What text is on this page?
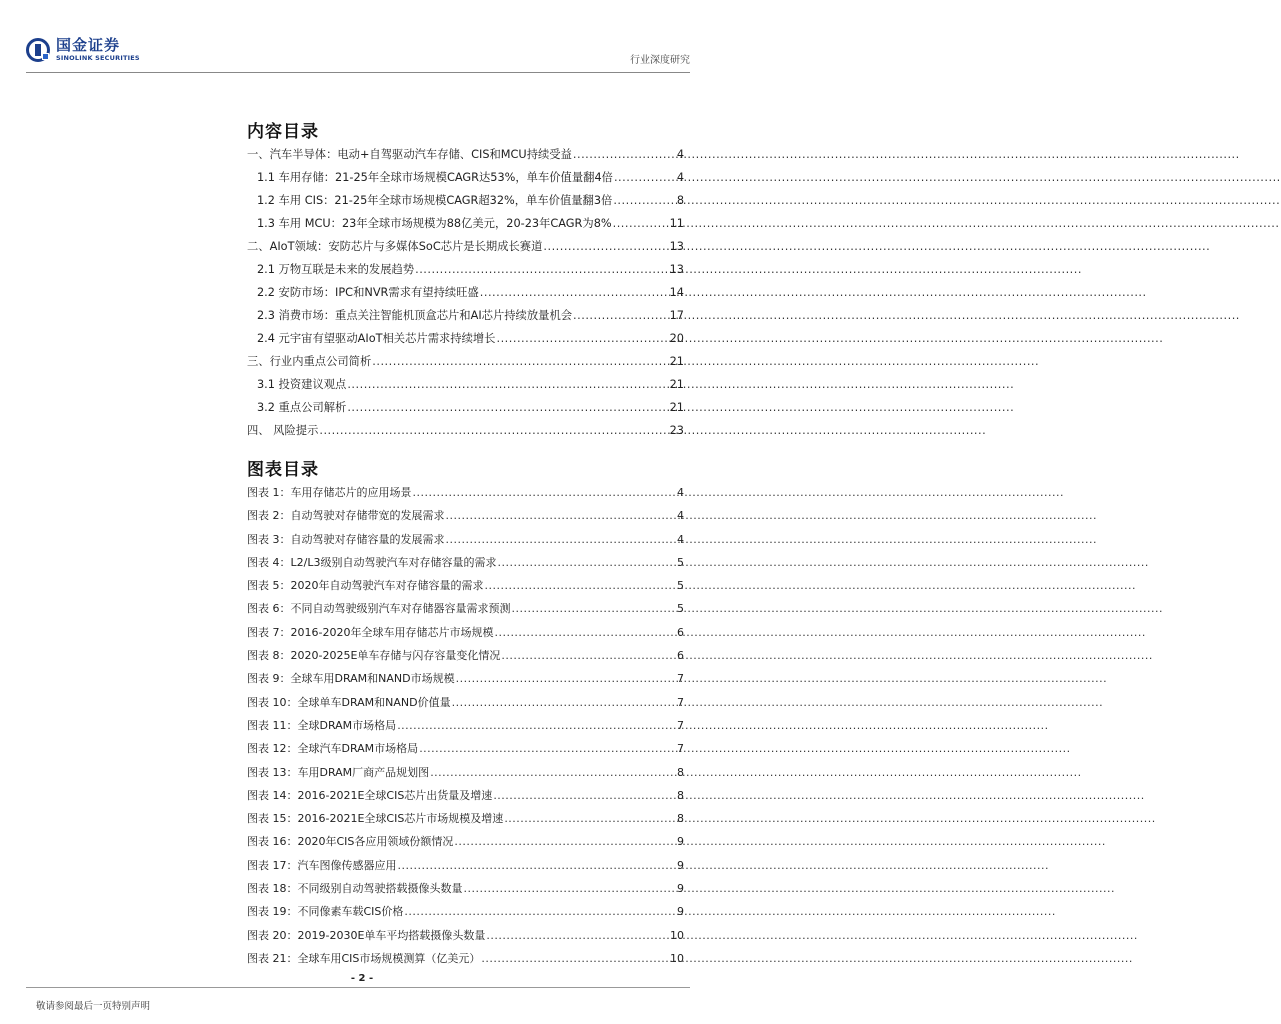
国金证券
SINOLINK SECURITIES	行业深度研究
内容目录
一、汽车半导体：电动+自驾驱动汽车存储、CIS和MCU持续受益 .....	4
1.1 车用存储：21-25年全球市场规模CAGR达53%，单车价值量翻4倍 .....	4
1.2 车用 CIS：21-25年全球市场规模CAGR超32%，单车价值量翻3倍 .....	8
1.3 车用 MCU：23年全球市场规模为88亿美元，20-23年CAGR为8% .....	11
二、AIoT领域：安防芯片与多媒体SoC芯片是长期成长赛道 .....	13
2.1 万物互联是未来的发展趋势 .....	13
2.2 安防市场：IPC和NVR需求有望持续旺盛 .....	14
2.3 消费市场：重点关注智能机顶盒芯片和AI芯片持续放量机会 .....	17
2.4 元宇宙有望驱动AIoT相关芯片需求持续增长 .....	20
三、行业内重点公司简析 .....	21
3.1 投资建议观点 .....	21
3.2 重点公司解析 .....	21
四、 风险提示 .....	23
图表目录
图表 1：车用存储芯片的应用场景 .....	4
图表 2：自动驾驶对存储带宽的发展需求 .....	4
图表 3：自动驾驶对存储容量的发展需求 .....	4
图表 4：L2/L3级别自动驾驶汽车对存储容量的需求 .....	5
图表 5：2020年自动驾驶汽车对存储容量的需求 .....	5
图表 6：不同自动驾驶级别汽车对存储器容量需求预测 .....	5
图表 7：2016-2020年全球车用存储芯片市场规模 .....	6
图表 8：2020-2025E单车存储与闪存容量变化情况 .....	6
图表 9：全球车用DRAM和NAND市场规模 .....	7
图表 10：全球单车DRAM和NAND价值量 .....	7
图表 11：全球DRAM市场格局 .....	7
图表 12：全球汽车DRAM市场格局 .....	7
图表 13：车用DRAM厂商产品规划图 .....	8
图表 14：2016-2021E全球CIS芯片出货量及增速 .....	8
图表 15：2016-2021E全球CIS芯片市场规模及增速 .....	8
图表 16：2020年CIS各应用领域份额情况 .....	9
图表 17：汽车图像传感器应用 .....	9
图表 18：不同级别自动驾驶搭载摄像头数量 .....	9
图表 19：不同像素车载CIS价格 .....	9
图表 20：2019-2030E单车平均搭载摄像头数量 .....	10
图表 21：全球车用CIS市场规模测算（亿美元） .....	10
- 2 -
敬请参阅最后一页特别声明
